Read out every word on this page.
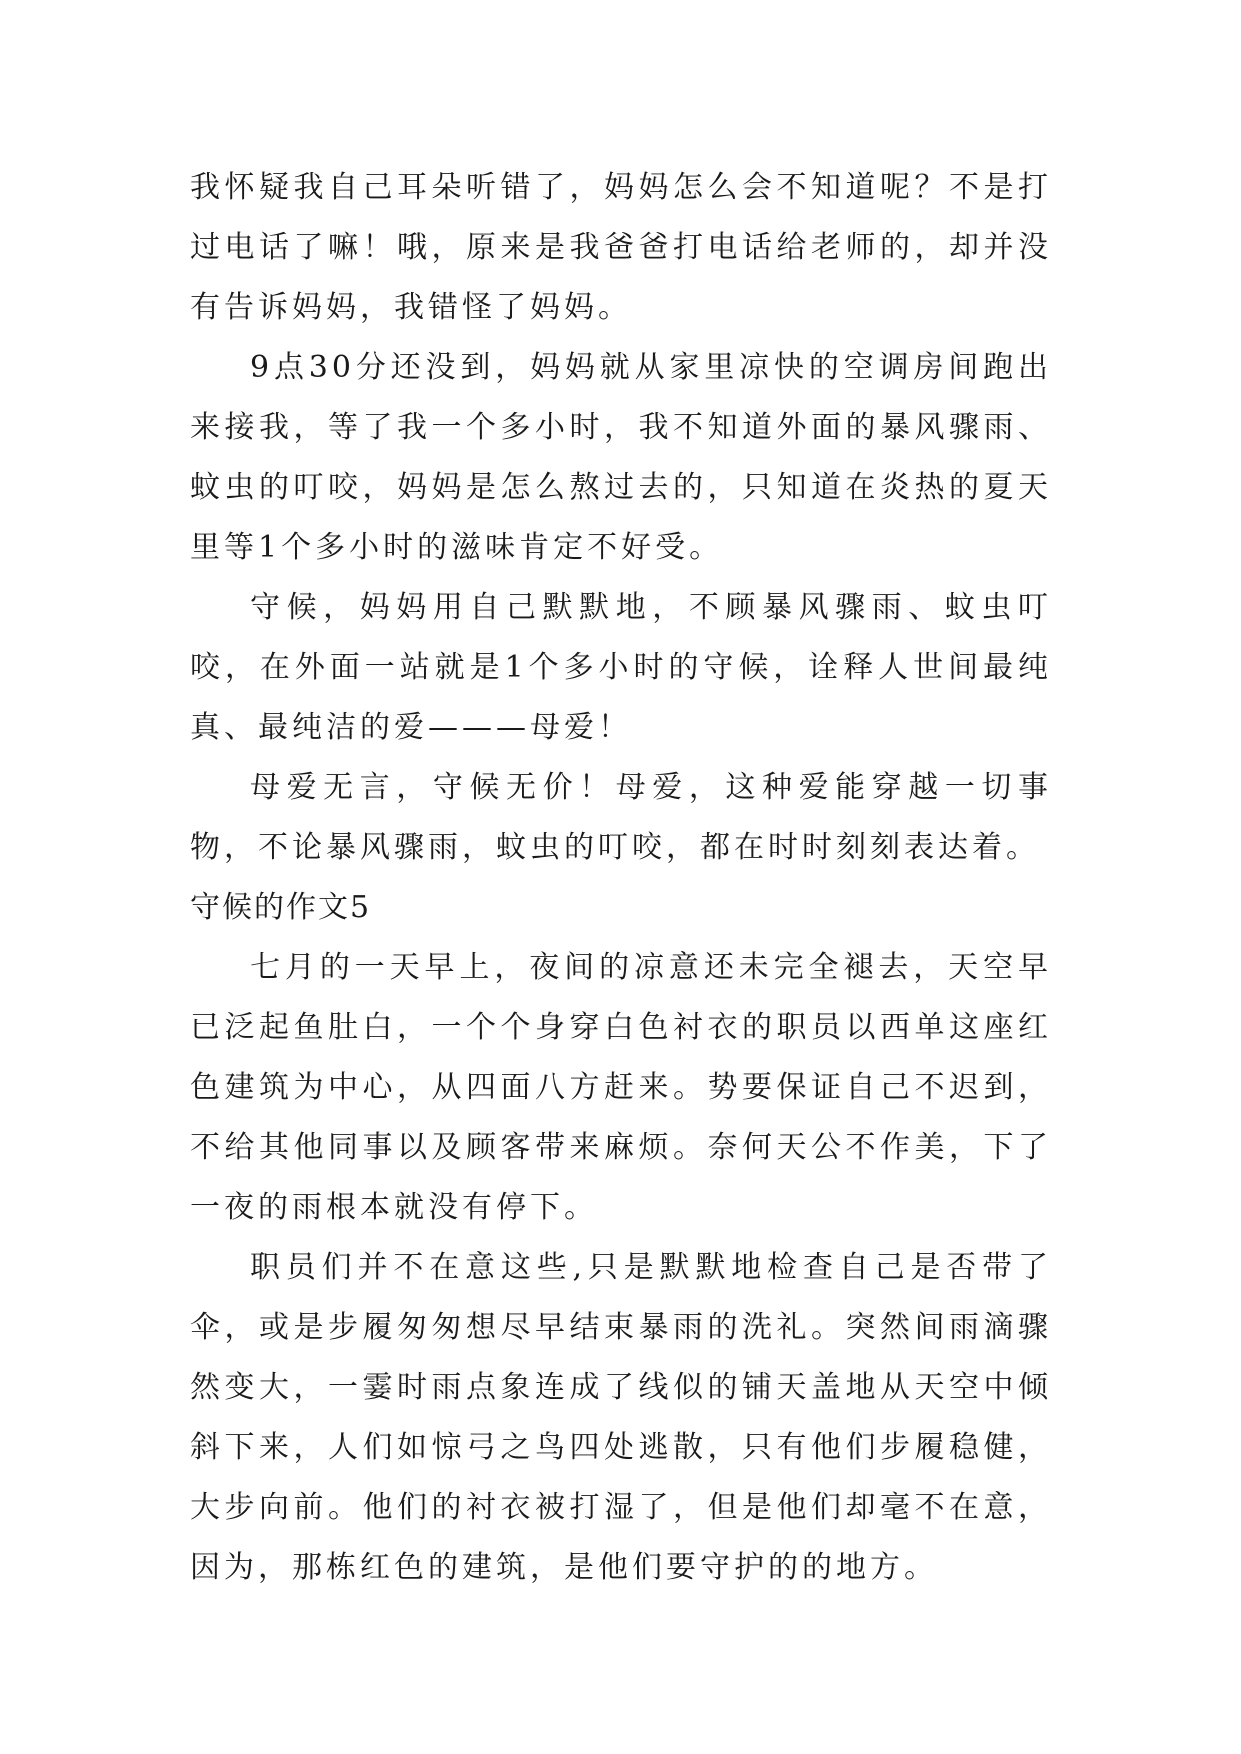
我怀疑我自己耳朵听错了，妈妈怎么会不知道呢？不是打过电话了嘛！哦，原来是我爸爸打电话给老师的，却并没有告诉妈妈，我错怪了妈妈。

9点30分还没到，妈妈就从家里凉快的空调房间跑出来接我，等了我一个多小时，我不知道外面的暴风骤雨、蚊虫的叮咬，妈妈是怎么熬过去的，只知道在炎热的夏天里等1个多小时的滋味肯定不好受。

守候，妈妈用自己默默地，不顾暴风骤雨、蚊虫叮咬，在外面一站就是1个多小时的守候，诠释人世间最纯真、最纯洁的爱———母爱！

母爱无言，守候无价！母爱，这种爱能穿越一切事物，不论暴风骤雨，蚊虫的叮咬，都在时时刻刻表达着。

守候的作文5

七月的一天早上，夜间的凉意还未完全褪去，天空早已泛起鱼肚白，一个个身穿白色衬衣的职员以西单这座红色建筑为中心，从四面八方赶来。势要保证自己不迟到，不给其他同事以及顾客带来麻烦。奈何天公不作美，下了一夜的雨根本就没有停下。

职员们并不在意这些,只是默默地检查自己是否带了伞，或是步履匆匆想尽早结束暴雨的洗礼。突然间雨滴骤然变大，一霎时雨点象连成了线似的铺天盖地从天空中倾斜下来，人们如惊弓之鸟四处逃散，只有他们步履稳健，大步向前。他们的衬衣被打湿了，但是他们却毫不在意，因为，那栋红色的建筑，是他们要守护的的地方。
